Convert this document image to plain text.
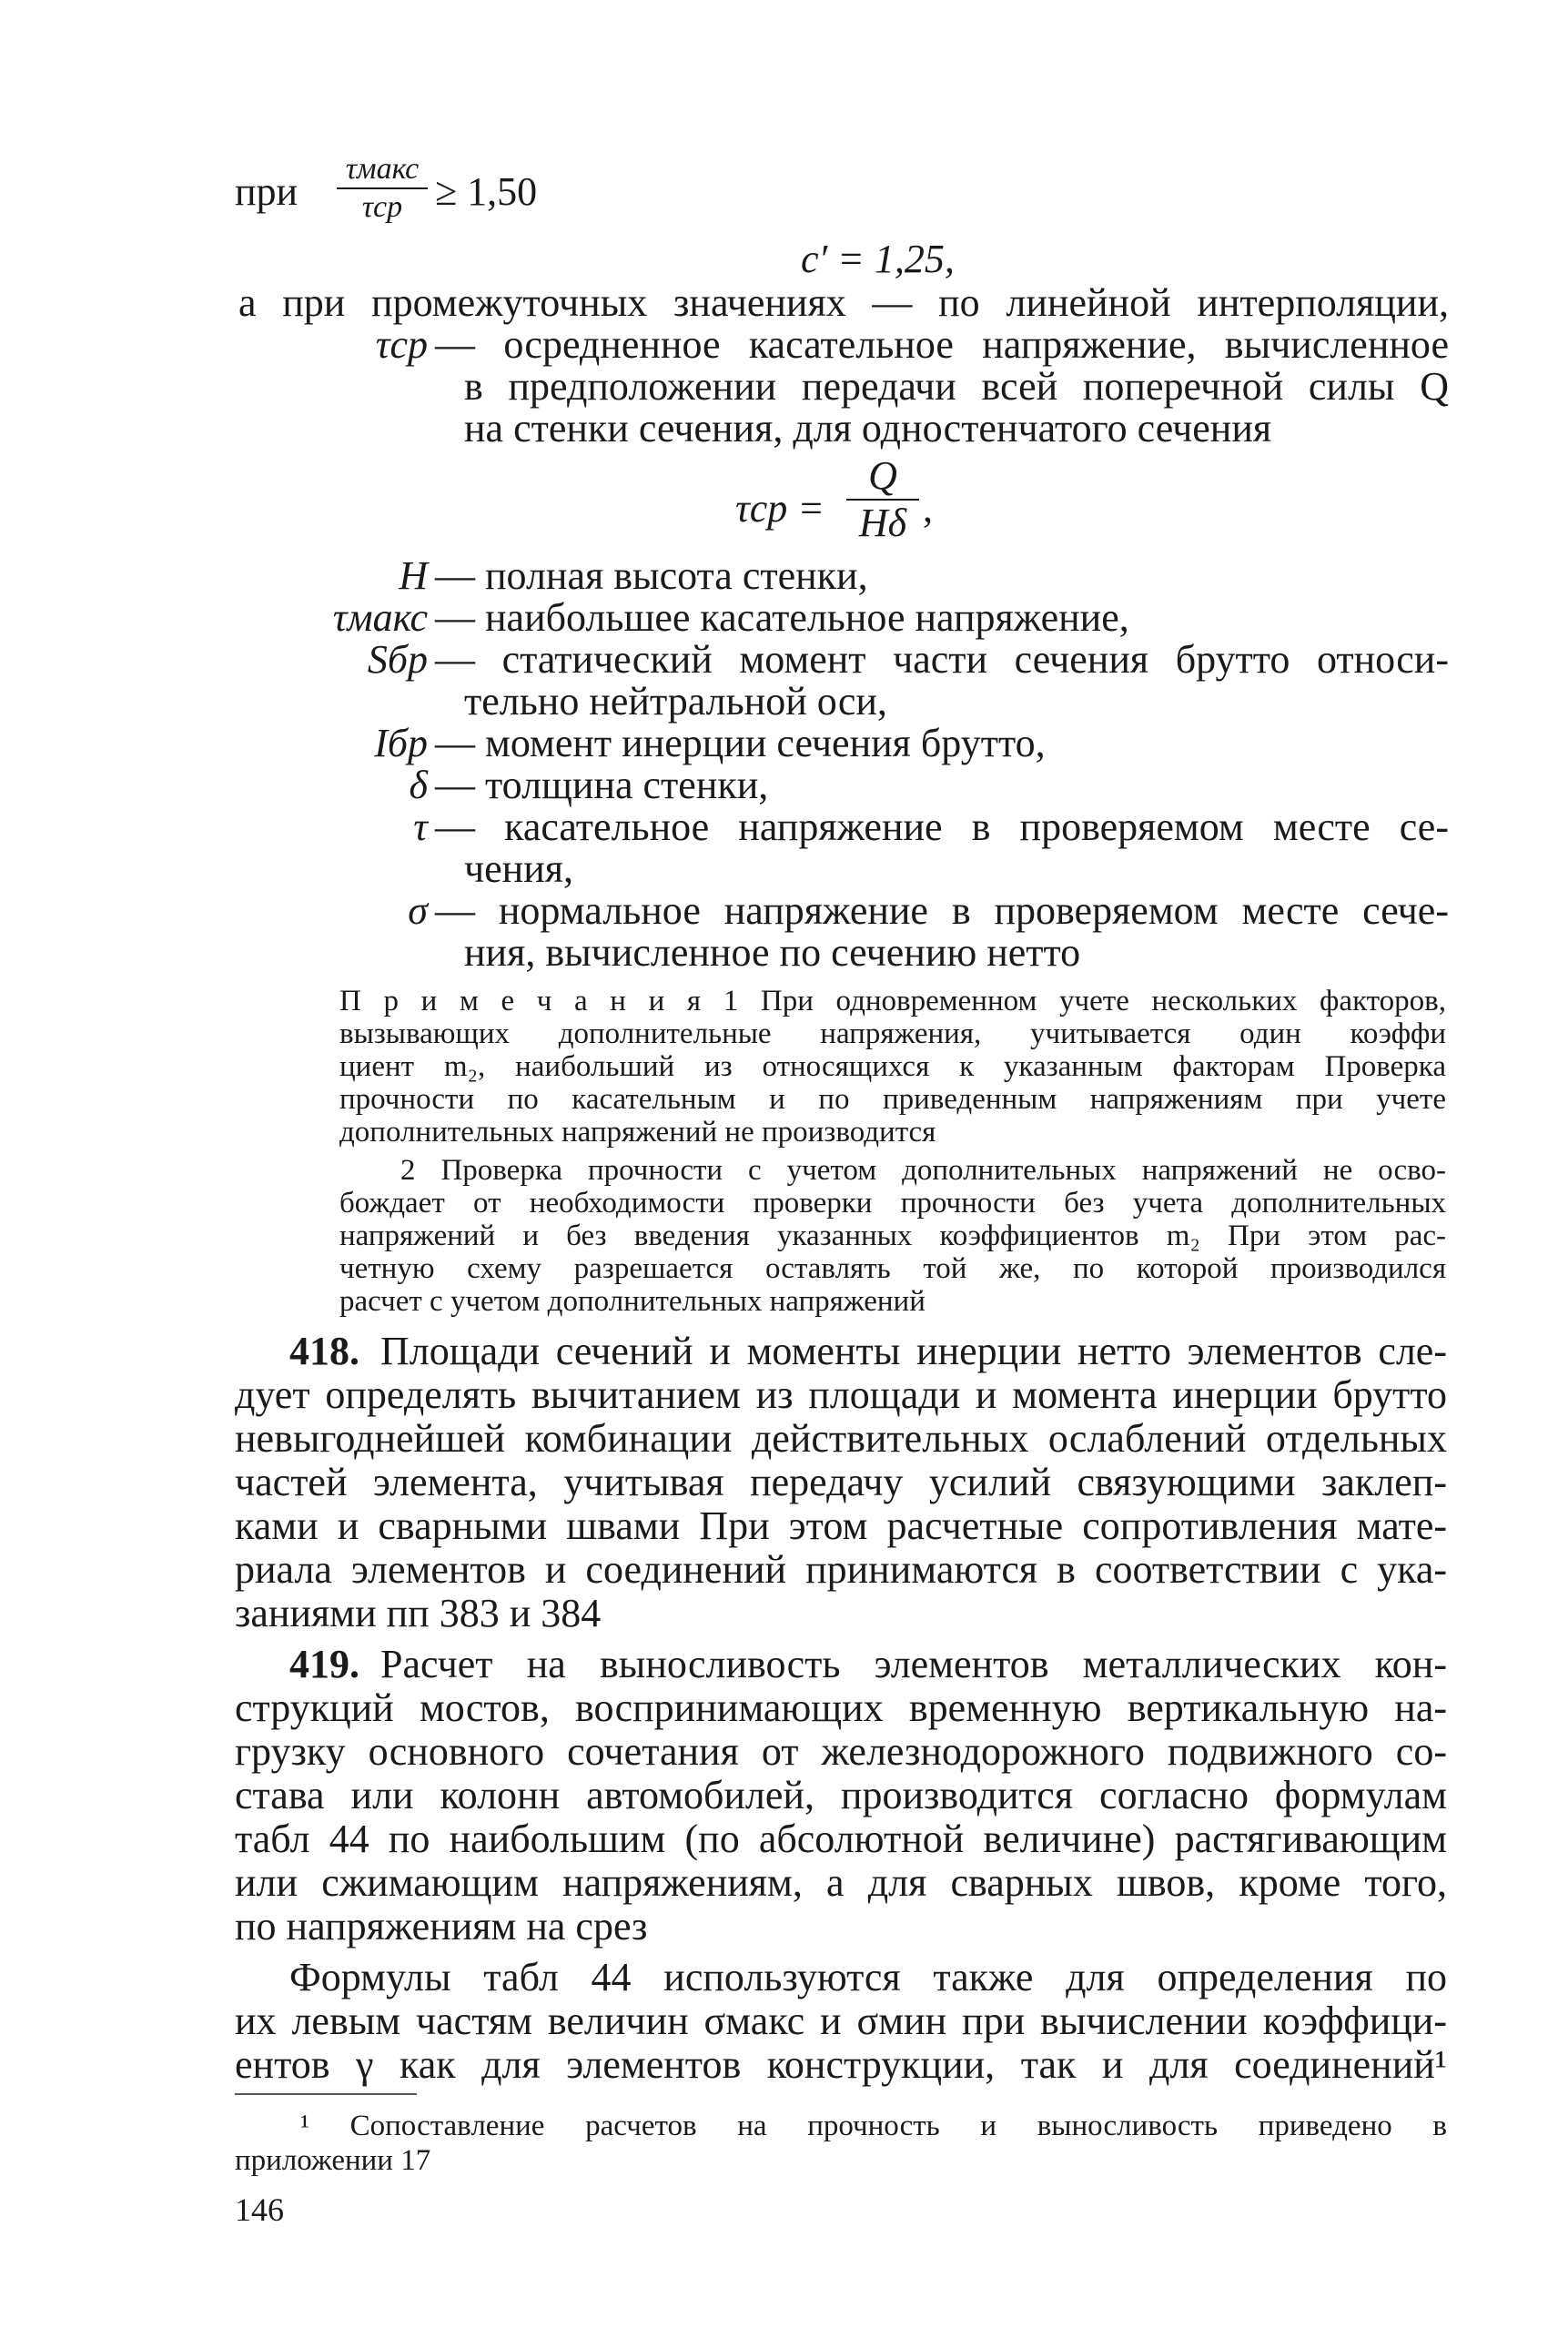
при
τмакс
τср ≥ 1,50
c′ = 1,25,
а при промежуточных значениях — по линейной интерполяции,
τср — осредненное касательное напряжение, вычисленное
в предположении передачи всей поперечной силы Q
на стенки сечения, для одностенчатого сечения
τср =
Q
Hδ ,
H — полная высота стенки,
τмакс — наибольшее касательное напряжение,
Sбр — статический момент части сечения брутто относи-
тельно нейтральной оси,
Iбр — момент инерции сечения брутто,
δ — толщина стенки,
τ — касательное напряжение в проверяемом месте се-
чения,
σ — нормальное напряжение в проверяемом месте сече-
ния, вычисленное по сечению нетто
П р и м е ч а н и я 1 При одновременном учете нескольких факторов,
вызывающих дополнительные напряжения, учитывается один коэффи
циент m₂, наибольший из относящихся к указанным факторам Проверка
прочности по касательным и по приведенным напряжениям при учете
дополнительных напряжений не производится
2 Проверка прочности с учетом дополнительных напряжений не осво-
бождает от необходимости проверки прочности без учета дополнительных
напряжений и без введения указанных коэффициентов m₂ При этом рас-
четную схему разрешается оставлять той же, по которой производился
расчет с учетом дополнительных напряжений
418. Площади сечений и моменты инерции нетто элементов сле-
дует определять вычитанием из площади и момента инерции брутто
невыгоднейшей комбинации действительных ослаблений отдельных
частей элемента, учитывая передачу усилий связующими заклеп-
ками и сварными швами При этом расчетные сопротивления мате-
риала элементов и соединений принимаются в соответствии с ука-
заниями пп 383 и 384
419. Расчет на выносливость элементов металлических кон-
струкций мостов, воспринимающих временную вертикальную на-
грузку основного сочетания от железнодорожного подвижного со-
става или колонн автомобилей, производится согласно формулам
табл 44 по наибольшим (по абсолютной величине) растягивающим
или сжимающим напряжениям, а для сварных швов, кроме того,
по напряжениям на срез
Формулы табл 44 используются также для определения по
их левым частям величин σмакс и σмин при вычислении коэффици-
ентов γ как для элементов конструкции, так и для соединений¹
¹ Сопоставление расчетов на прочность и выносливость приведено в
приложении 17
146
